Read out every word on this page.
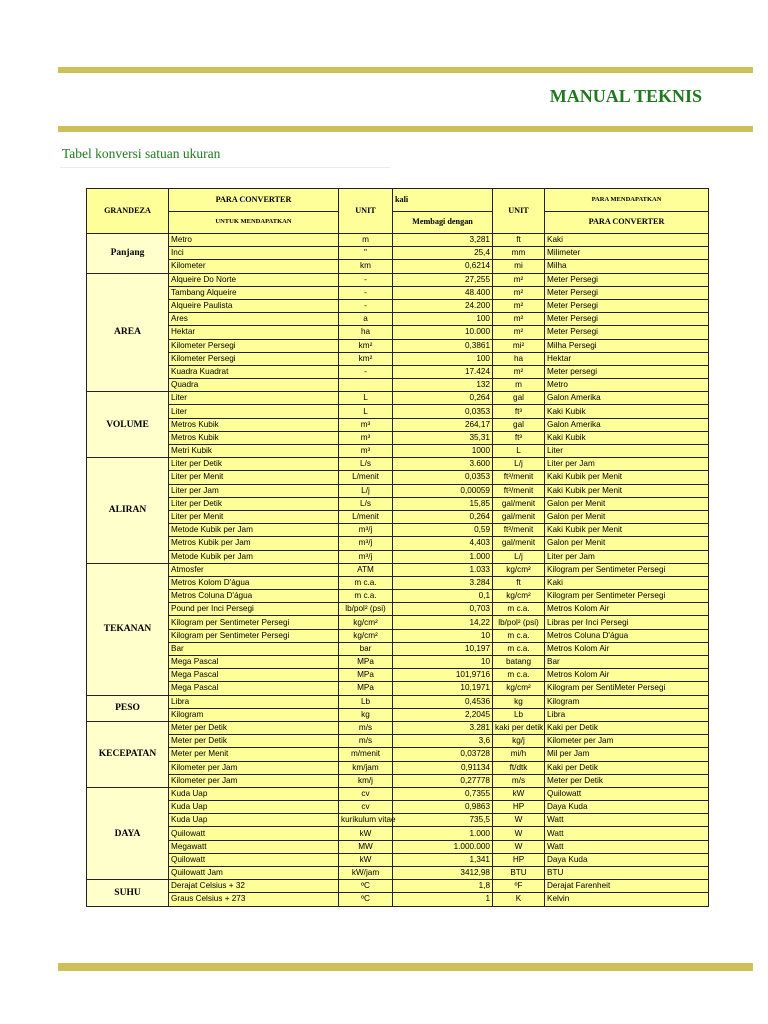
MANUAL TEKNIS
Tabel konversi satuan ukuran
GRANDEZA	PARA CONVERTER	UNIT	kali	UNIT	PARA MENDAPATKAN
	UNTUK MENDAPATKAN		Membagi dengan		PARA CONVERTER
Panjang	Metro	m	3,281	ft	Kaki
	Inci	"	25,4	mm	Milimeter
	Kilometer	km	0,6214	mi	Milha
AREA	Alqueire Do Norte	-	27,255	m²	Meter Persegi
	Tambang Alqueire	-	48.400	m²	Meter Persegi
	Alqueire Paulista	-	24.200	m²	Meter Persegi
	Ares	a	100	m²	Meter Persegi
	Hektar	ha	10.000	m²	Meter Persegi
	Kilometer Persegi	km²	0,3861	mi²	Milha Persegi
	Kilometer Persegi	km²	100	ha	Hektar
	Kuadra Kuadrat	-	17.424	m²	Meter persegi
	Quadra		132	m	Metro
VOLUME	Liter	L	0,264	gal	Galon Amerika
	Liter	L	0,0353	ft³	Kaki Kubik
	Metros Kubik	m³	264,17	gal	Galon Amerika
	Metros Kubik	m³	35,31	ft³	Kaki Kubik
	Metri Kubik	m³	1000	L	Liter
ALIRAN	Liter per Detik	L/s	3.600	L/j	Liter per Jam
	Liter per Menit	L/menit	0,0353	ft³/menit	Kaki Kubik per Menit
	Liter per Jam	L/j	0,00059	ft³/menit	Kaki Kubik per Menit
	Liter per Detik	L/s	15,85	gal/menit	Galon per Menit
	Liter per Menit	L/menit	0,264	gal/menit	Galon per Menit
	Metode Kubik per Jam	m³/j	0,59	ft³/menit	Kaki Kubik per Menit
	Metros Kubik per Jam	m³/j	4,403	gal/menit	Galon per Menit
	Metode Kubik per Jam	m³/j	1.000	L/j	Liter per Jam
TEKANAN	Atmosfer	ATM	1.033	kg/cm²	Kilogram per Sentimeter Persegi
	Metros Kolom D'água	m c.a.	3.284	ft	Kaki
	Metros Coluna D'água	m c.a.	0,1	kg/cm²	Kilogram per Sentimeter Persegi
	Pound per Inci Persegi	lb/pol² (psi)	0,703	m c.a.	Metros Kolom Air
	Kilogram per Sentimeter Persegi	kg/cm²	14,22	lb/pol² (psi)	Libras per Inci Persegi
	Kilogram per Sentimeter Persegi	kg/cm²	10	m c.a.	Metros Coluna D'água
	Bar	bar	10,197	m c.a.	Metros Kolom Air
	Mega Pascal	MPa	10	batang	Bar
	Mega Pascal	MPa	101,9716	m c.a.	Metros Kolom Air
	Mega Pascal	MPa	10,1971	kg/cm²	Kilogram per SentiMeter Persegi
PESO	Libra	Lb	0,4536	kg	Kilogram
	Kilogram	kg	2,2045	Lb	Libra
KECEPATAN	Meter per Detik	m/s	3.281	kaki per detik	Kaki per Detik
	Meter per Detik	m/s	3,6	kg/j	Kilometer per Jam
	Meter per Menit	m/menit	0,03728	mi/h	Mil per Jam
	Kilometer per Jam	km/jam	0,91134	ft/dtk	Kaki per Detik
	Kilometer per Jam	km/j	0,27778	m/s	Meter per Detik
DAYA	Kuda Uap	cv	0,7355	kW	Quilowatt
	Kuda Uap	cv	0,9863	HP	Daya Kuda
	Kuda Uap	kurikulum vitae	735,5	W	Watt
	Quilowatt	kW	1.000	W	Watt
	Megawatt	MW	1.000.000	W	Watt
	Quilowatt	kW	1,341	HP	Daya Kuda
	Quilowatt Jam	kW/jam	3412,98	BTU	BTU
SUHU	Derajat Celsius + 32	ºC	1,8	ºF	Derajat Farenheit
	Graus Celsius + 273	ºC	1	K	Kelvin
